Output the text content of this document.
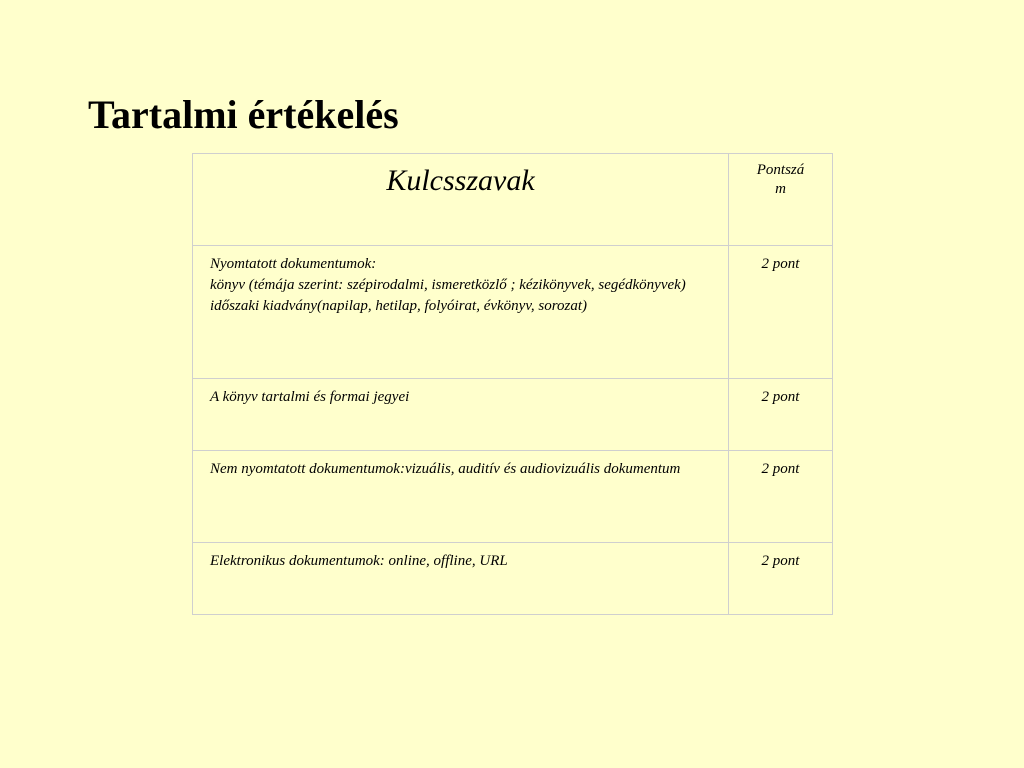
Tartalmi értékelés
Kulcsszavak	Pontszá
m

Nyomtatott dokumentumok:
könyv (témája szerint: szépirodalmi, ismeretközlő ; kézikönyvek, segédkönyvek) időszaki kiadvány(napilap, hetilap, folyóirat, évkönyv, sorozat)	2 pont
A könyv tartalmi és formai jegyei	2 pont
Nem nyomtatott dokumentumok:vizuális, auditív és audiovizuális dokumentum	2 pont
Elektronikus dokumentumok: online, offline, URL	2 pont
